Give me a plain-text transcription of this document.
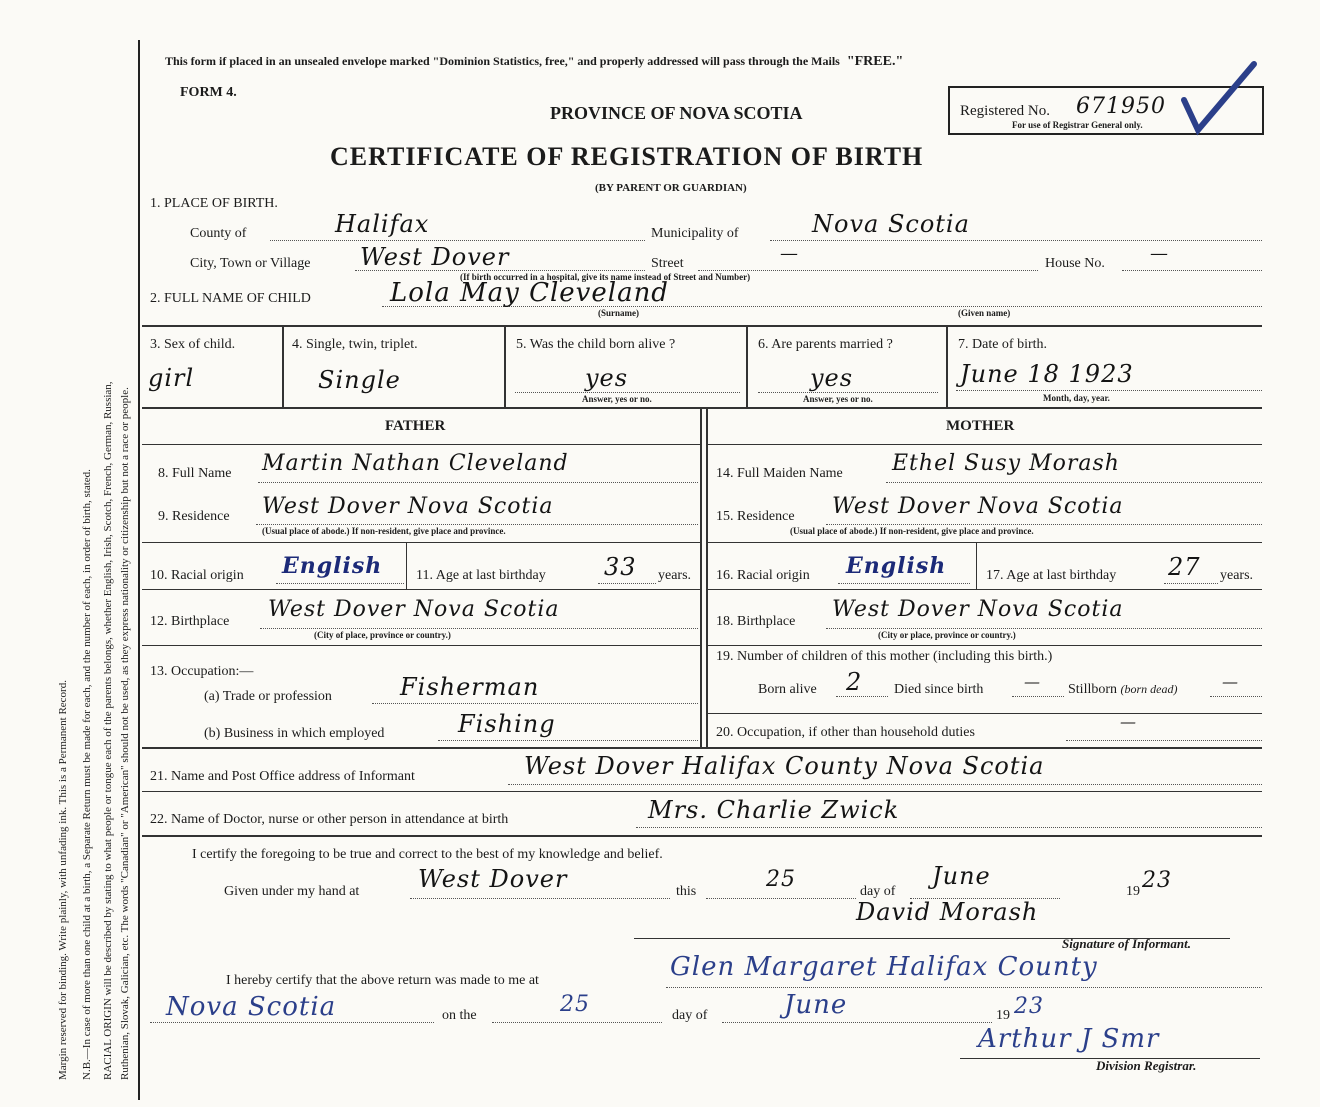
Margin reserved for binding. Write plainly, with unfading ink. This is a Permanent Record. N.B.—In case of more than one child at a birth, a Separate Return must be made for each, and the number of each, in order of birth, stated. RACIAL ORIGIN will be described by stating to what people or tongue each of the parents belongs, whether English, Irish, Scotch, French, German, Russian, Ruthenian, Slovak, Galician, etc. The words "Canadian" or "American" should not be used, as they express nationality or citizenship but not a race or people.
This form if placed in an unsealed envelope marked "Dominion Statistics, free," and properly addressed will pass through the Mails "FREE."
FORM 4.
PROVINCE OF NOVA SCOTIA	Registered No. 671950
For use of Registrar General only.
CERTIFICATE OF REGISTRATION OF BIRTH
(BY PARENT OR GUARDIAN)
1. PLACE OF BIRTH.
County of	Halifax	Municipality of	Nova Scotia
City, Town or Village West Dover	Street	—	House No.	—
(If birth occurred in a hospital, give its name instead of Street and Number)
2. FULL NAME OF CHILD	Lola May Cleveland
(Surname)	(Given name)
3. Sex of child.
girl
4. Single, twin, triplet.
Single
5. Was the child born alive ?
yes
Answer, yes or no.
6. Are parents married ?
yes
Answer, yes or no.
7. Date of birth.
June 18 1923
Month, day, year.
FATHER	MOTHER
8. Full Name Martin Nathan Cleveland
9. Residence West Dover Nova Scotia
(Usual place of abode.) If non-resident, give place and province.
10. Racial origin English 11. Age at last birthday 33 years.
12. Birthplace West Dover Nova Scotia
(City of place, province or country.)
13. Occupation:—
(a) Trade or profession	Fisherman
(b) Business in which employed	Fishing
14. Full Maiden Name Ethel Susy Morash
15. Residence West Dover Nova Scotia
(Usual place of abode.) If non-resident, give place and province.
16. Racial origin English	17. Age at last birthday 27 years.
18. Birthplace West Dover Nova Scotia
(City or place, province or country.)
19. Number of children of this mother (including this birth.)
Born alive 2 Died since birth	— Stillborn (born dead)	—
20. Occupation, if other than household duties
—
21. Name and Post Office address of Informant	West Dover Halifax County Nova Scotia
22. Name of Doctor, nurse or other person in attendance at birth	Mrs. Charlie Zwick
I certify the foregoing to be true and correct to the best of my knowledge and belief.
Given under my hand at West Dover	this	25	day of
June
19 23
David Morash
Signature of Informant.
I hereby certify that the above return was made to me at	Glen Margaret Halifax County
Nova Scotia	on the	25	day of	June	19 23
Arthur J Smr
Division Registrar.
